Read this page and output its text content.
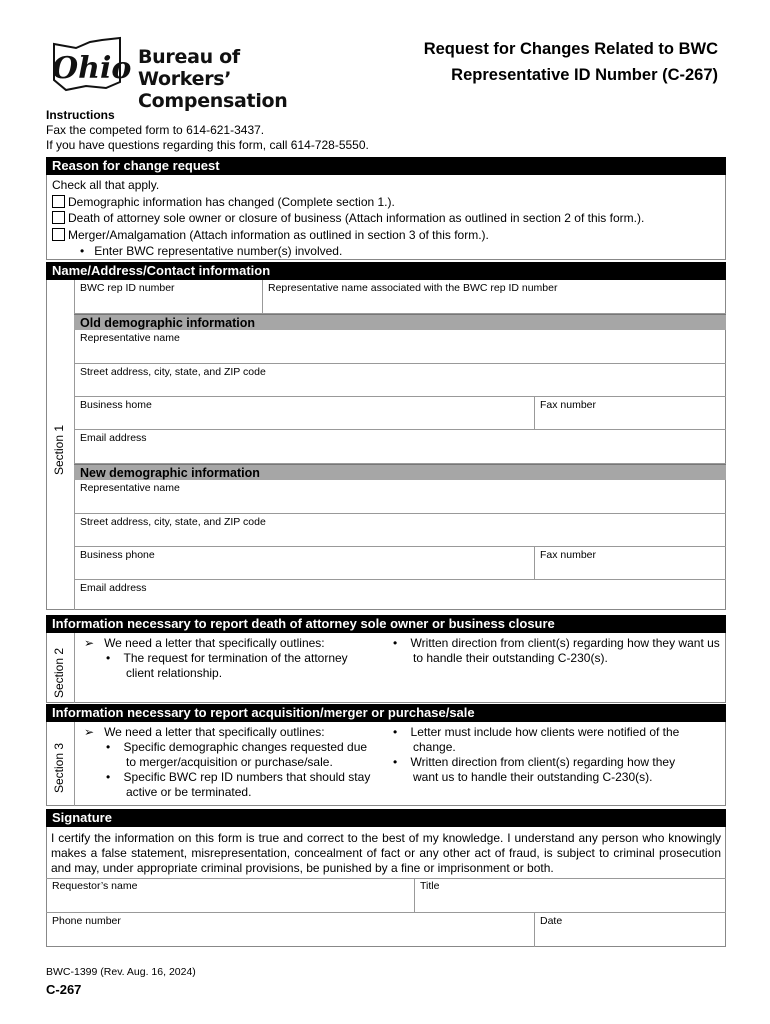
Ohio Bureau of Workers’
Compensation
Request for Changes Related to BWC
Representative ID Number (C-267)
Instructions
Fax the competed form to 614-621-3437.
If you have questions regarding this form, call 614-728-5550.
Reason for change request
Check all that apply.
Demographic information has changed (Complete section 1.).
Death of attorney sole owner or closure of business (Attach information as outlined in section 2 of this form.).
Merger/Amalgamation (Attach information as outlined in section 3 of this form.).
•   Enter BWC representative number(s) involved.
Name/Address/Contact information
Section 1
BWC rep ID number	Representative name associated with the BWC rep ID number
Old demographic information
Representative name
Street address, city, state, and ZIP code
Business home	Fax number
Email address
New demographic information
Representative name
Street address, city, state, and ZIP code
Business phone	Fax number
Email address
Information necessary to report death of attorney sole owner or business closure
Section 2
➢   We need a letter that specifically outlines:
•    The request for termination of the attorney client relationship.
•    Written direction from client(s) regarding how they want us to handle their outstanding C-230(s).
Information necessary to report acquisition/merger or purchase/sale
Section 3
➢   We need a letter that specifically outlines:
•    Specific demographic changes requested due to merger/acquisition or purchase/sale.
•    Specific BWC rep ID numbers that should stay active or be terminated.
•    Letter must include how clients were notified of the change.
•    Written direction from client(s) regarding how they want us to handle their outstanding C-230(s).
Signature
I certify the information on this form is true and correct to the best of my knowledge. I understand any person who knowingly makes a false statement, misrepresentation, concealment of fact or any other act of fraud, is subject to criminal prosecution and may, under appropriate criminal provisions, be punished by a fine or imprisonment or both.
Requestor’s name	Title
Phone number	Date
BWC-1399 (Rev. Aug. 16, 2024)
C-267
